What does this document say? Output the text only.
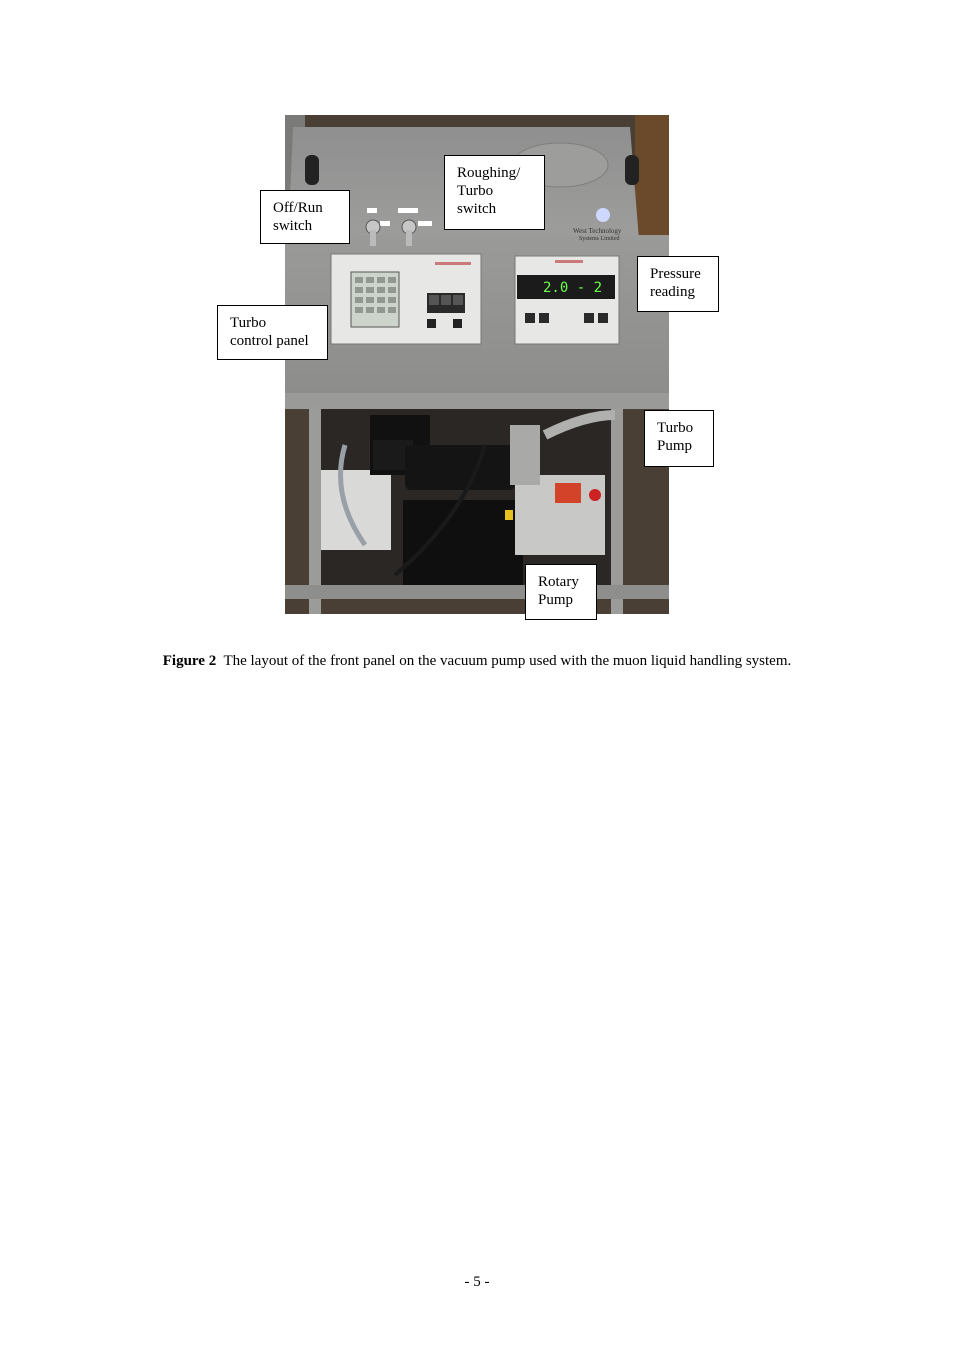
West Technology
Systems Limited
2.0 - 2
Off/Run
switch
Roughing/
Turbo
switch
Pressure
reading
Turbo
control panel
Turbo
Pump
Rotary
Pump
Figure 2 The layout of the front panel on the vacuum pump used with the muon liquid handling system.
- 5 -
